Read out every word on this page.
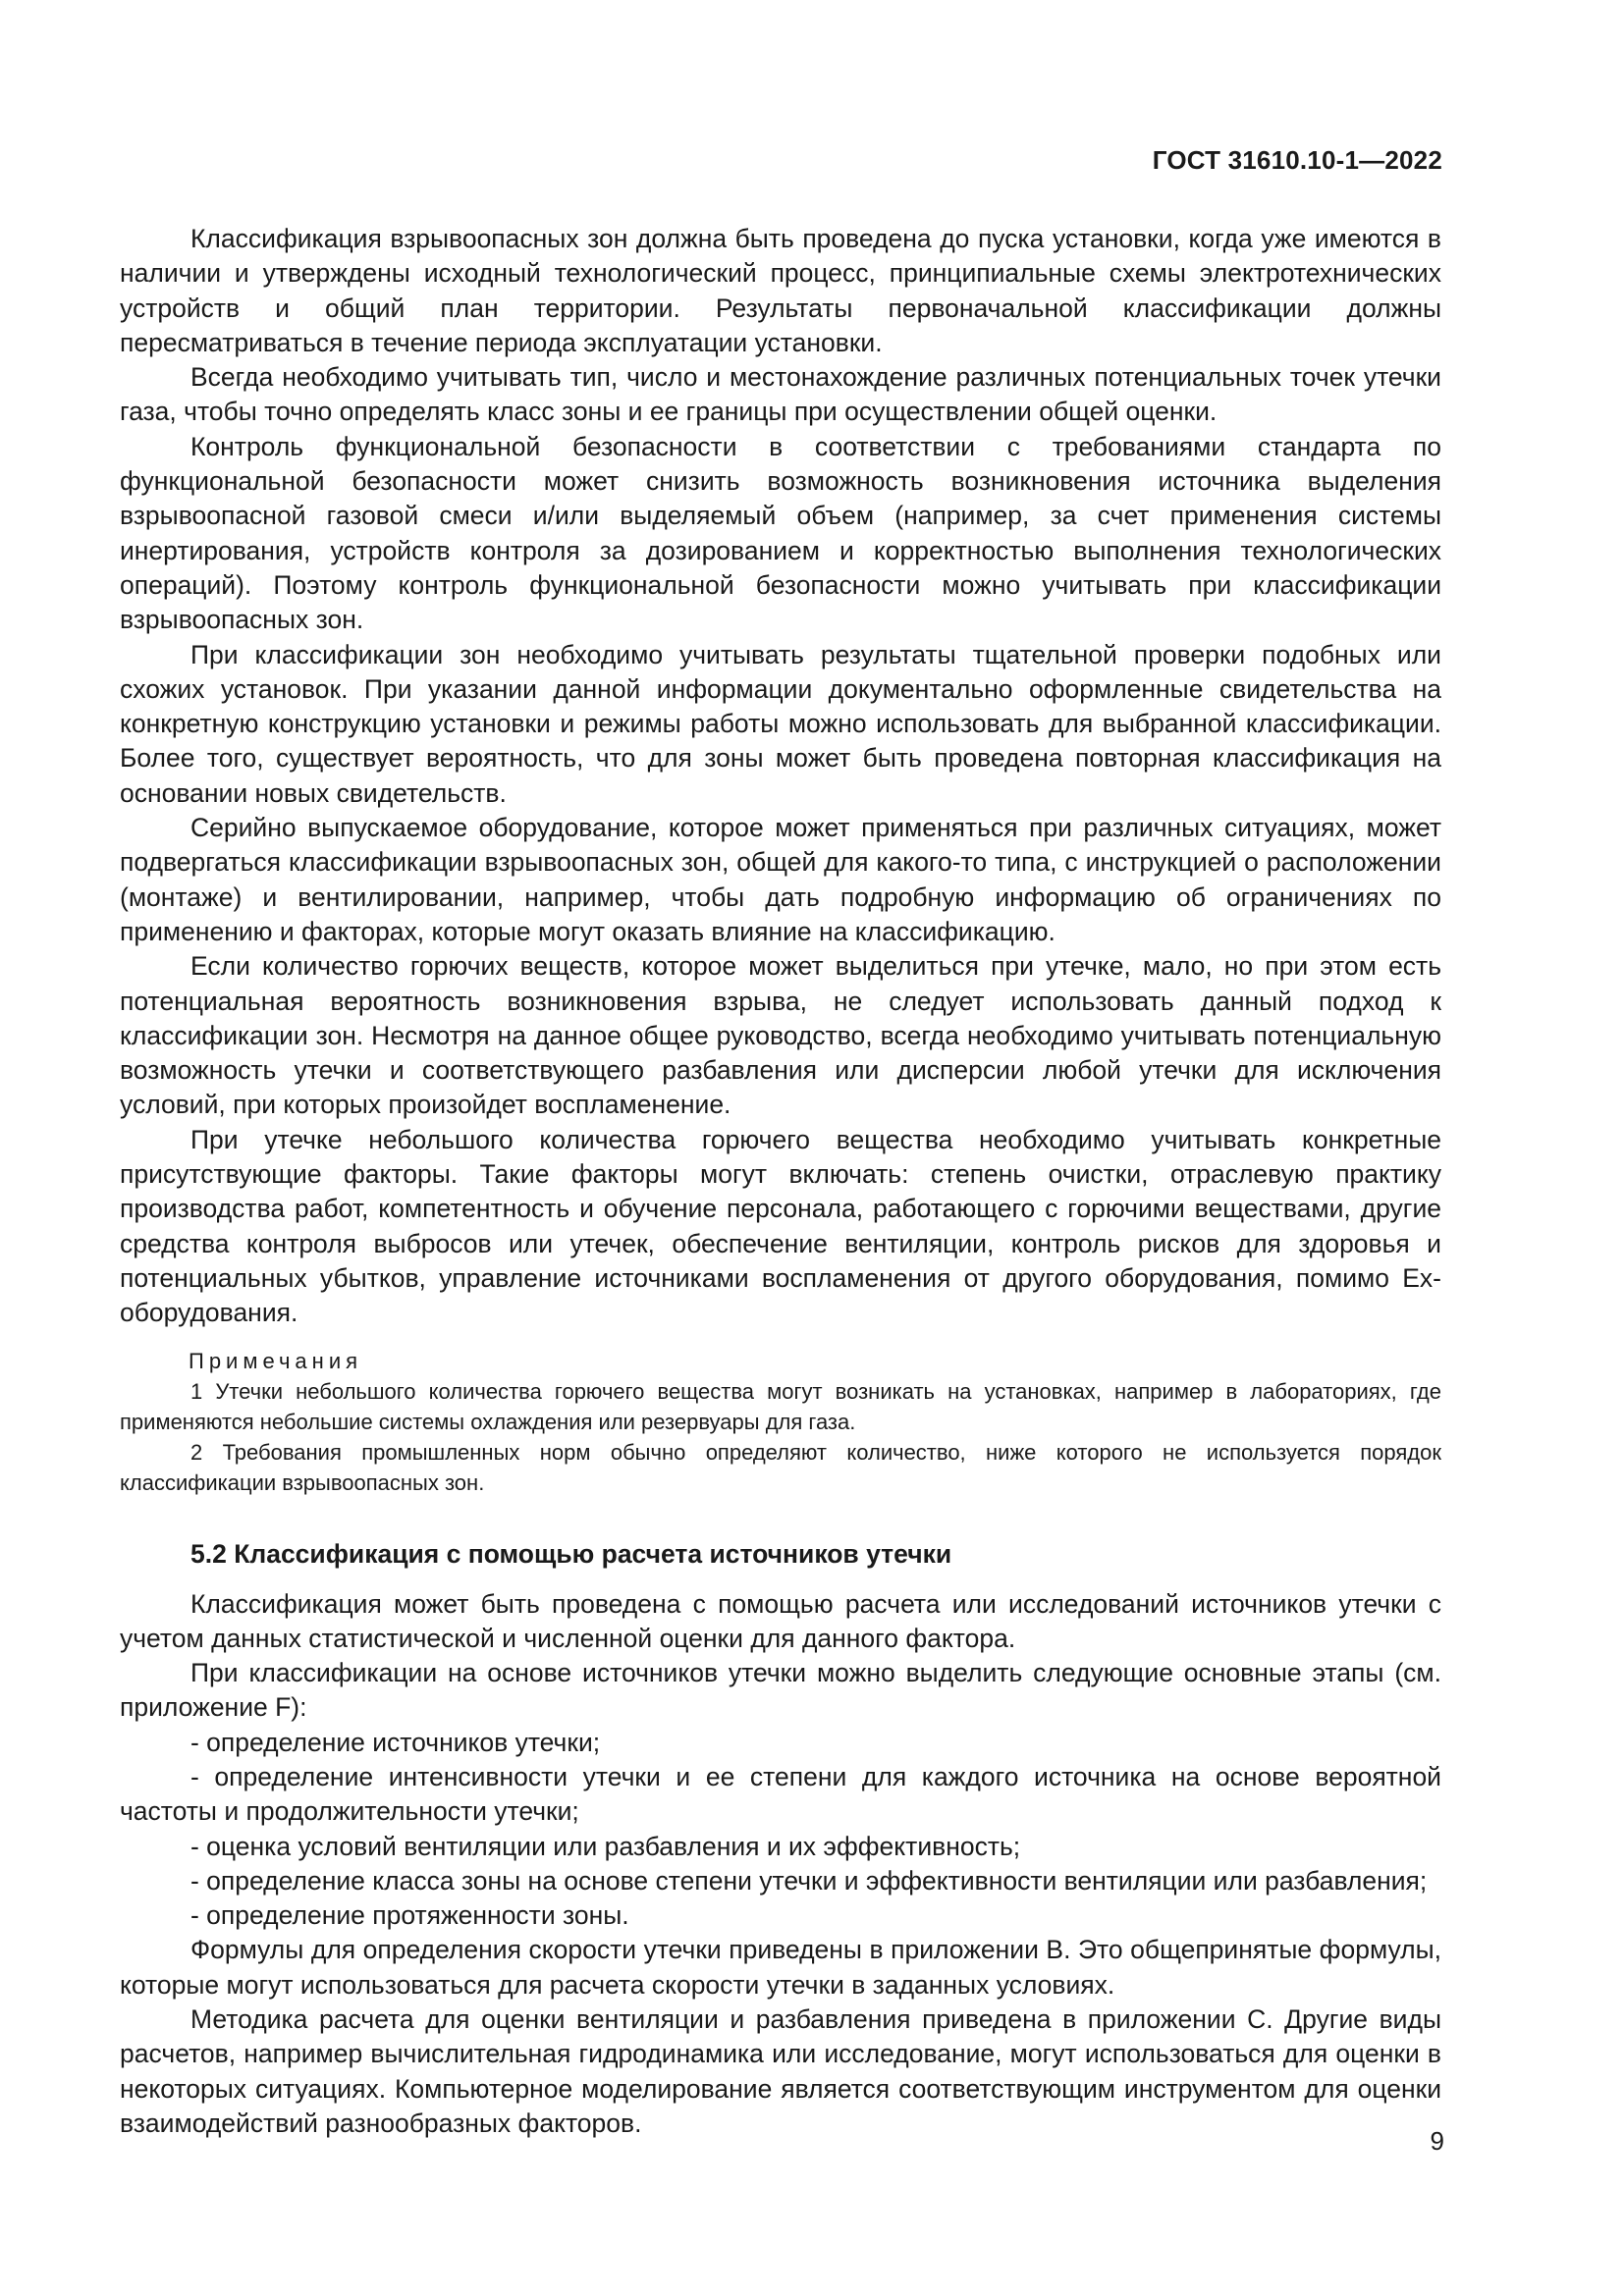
ГОСТ 31610.10-1—2022

Классификация взрывоопасных зон должна быть проведена до пуска установки, когда уже имеются в наличии и утверждены исходный технологический процесс, принципиальные схемы электротехнических устройств и общий план территории. Результаты первоначальной классификации должны пересматриваться в течение периода эксплуатации установки.

Всегда необходимо учитывать тип, число и местонахождение различных потенциальных точек утечки газа, чтобы точно определять класс зоны и ее границы при осуществлении общей оценки.

Контроль функциональной безопасности в соответствии с требованиями стандарта по функциональной безопасности может снизить возможность возникновения источника выделения взрывоопасной газовой смеси и/или выделяемый объем (например, за счет применения системы инертирования, устройств контроля за дозированием и корректностью выполнения технологических операций). Поэтому контроль функциональной безопасности можно учитывать при классификации взрывоопасных зон.

При классификации зон необходимо учитывать результаты тщательной проверки подобных или схожих установок. При указании данной информации документально оформленные свидетельства на конкретную конструкцию установки и режимы работы можно использовать для выбранной классификации. Более того, существует вероятность, что для зоны может быть проведена повторная классификация на основании новых свидетельств.

Серийно выпускаемое оборудование, которое может применяться при различных ситуациях, может подвергаться классификации взрывоопасных зон, общей для какого-то типа, с инструкцией о расположении (монтаже) и вентилировании, например, чтобы дать подробную информацию об ограничениях по применению и факторах, которые могут оказать влияние на классификацию.

Если количество горючих веществ, которое может выделиться при утечке, мало, но при этом есть потенциальная вероятность возникновения взрыва, не следует использовать данный подход к классификации зон. Несмотря на данное общее руководство, всегда необходимо учитывать потенциальную возможность утечки и соответствующего разбавления или дисперсии любой утечки для исключения условий, при которых произойдет воспламенение.

При утечке небольшого количества горючего вещества необходимо учитывать конкретные присутствующие факторы. Такие факторы могут включать: степень очистки, отраслевую практику производства работ, компетентность и обучение персонала, работающего с горючими веществами, другие средства контроля выбросов или утечек, обеспечение вентиляции, контроль рисков для здоровья и потенциальных убытков, управление источниками воспламенения от другого оборудования, помимо Ex-оборудования.

Примечания

1 Утечки небольшого количества горючего вещества могут возникать на установках, например в лабораториях, где применяются небольшие системы охлаждения или резервуары для газа.

2 Требования промышленных норм обычно определяют количество, ниже которого не используется порядок классификации взрывоопасных зон.

5.2 Классификация с помощью расчета источников утечки

Классификация может быть проведена с помощью расчета или исследований источников утечки с учетом данных статистической и численной оценки для данного фактора.

При классификации на основе источников утечки можно выделить следующие основные этапы (см. приложение F):

- определение источников утечки;

- определение интенсивности утечки и ее степени для каждого источника на основе вероятной частоты и продолжительности утечки;

- оценка условий вентиляции или разбавления и их эффективность;

- определение класса зоны на основе степени утечки и эффективности вентиляции или разбавления;

- определение протяженности зоны.

Формулы для определения скорости утечки приведены в приложении В. Это общепринятые формулы, которые могут использоваться для расчета скорости утечки в заданных условиях.

Методика расчета для оценки вентиляции и разбавления приведена в приложении С. Другие виды расчетов, например вычислительная гидродинамика или исследование, могут использоваться для оценки в некоторых ситуациях. Компьютерное моделирование является соответствующим инструментом для оценки взаимодействий разнообразных факторов.

9
